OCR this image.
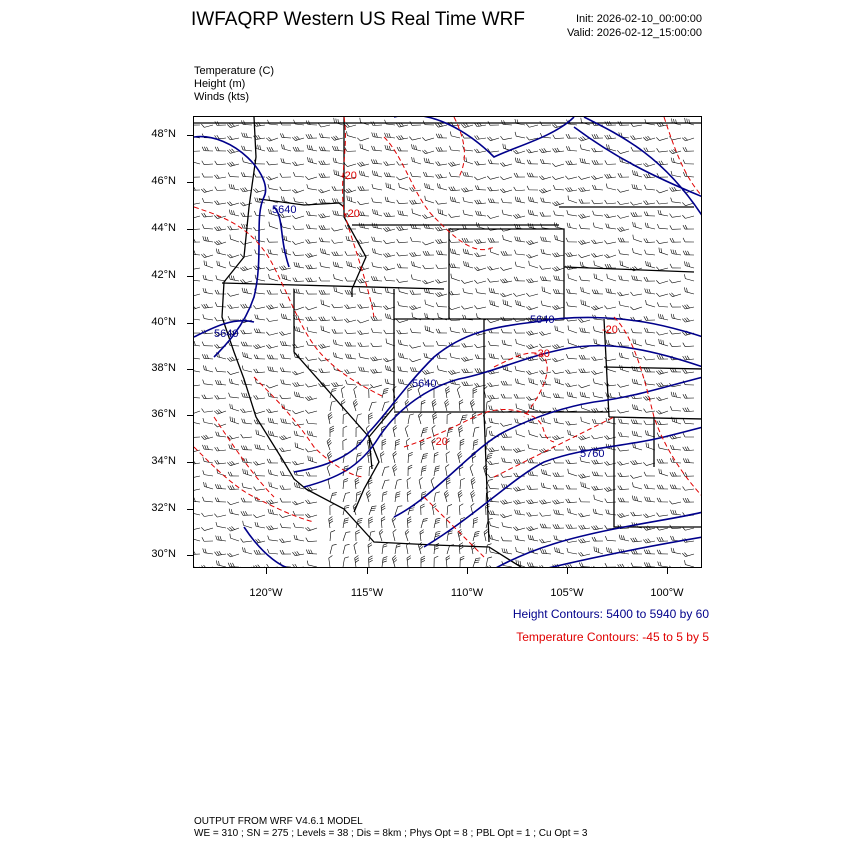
IWFAQRP Western US Real Time WRF	Init: 2026-02-10_00:00:00
Valid: 2026-02-12_15:00:00
Temperature (C)
Height (m)
Winds (kts)
48°N
46°N
44°N
42°N
40°N
38°N
36°N
34°N
32°N
30°N
5640
5640
5640
5640
5760
-20
-20
-20
-30
-20
120°W	115°W	110°W	105°W	100°W
Height Contours: 5400 to 5940 by 60
Temperature Contours: -45 to 5 by 5
OUTPUT FROM WRF V4.6.1 MODEL
WE = 310 ; SN = 275 ; Levels = 38 ; Dis = 8km ; Phys Opt = 8 ; PBL Opt = 1 ; Cu Opt = 3
